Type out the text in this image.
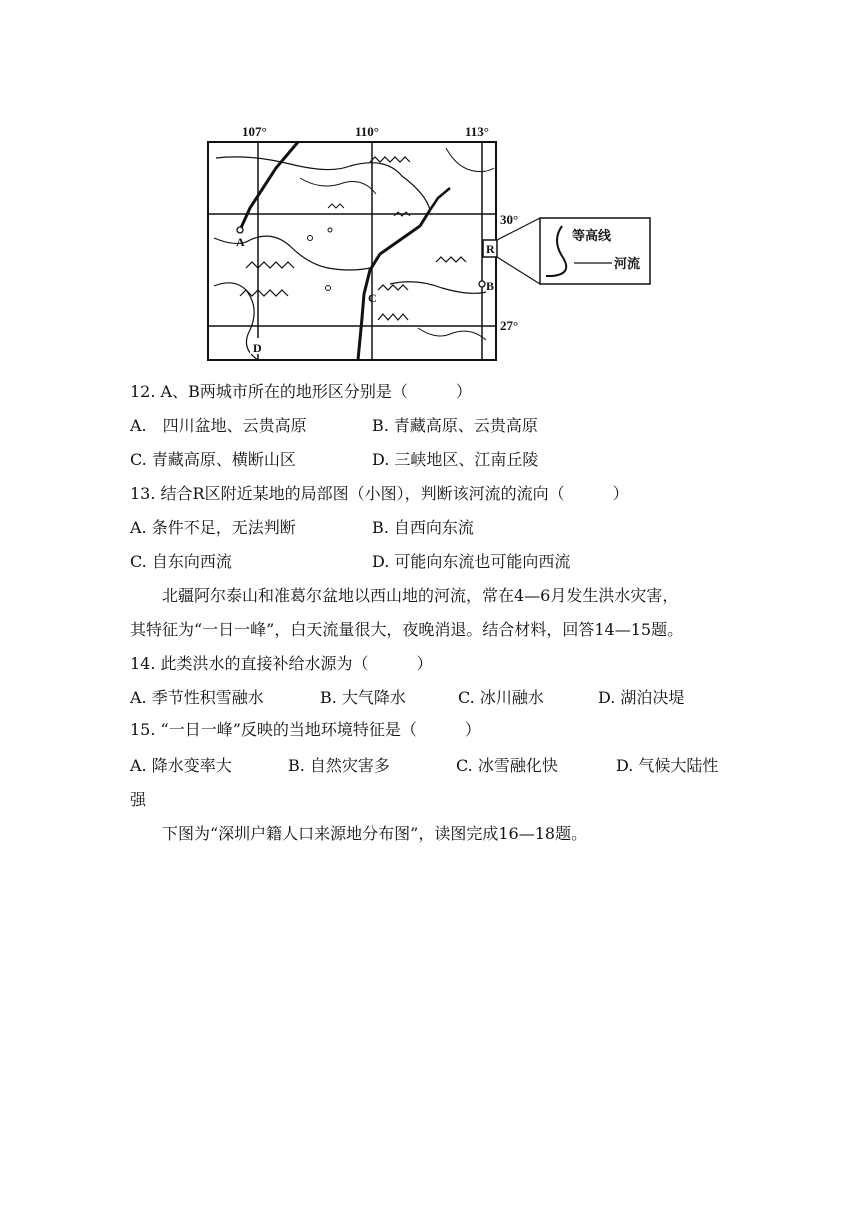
107°	110°	113°
30°
27°
A
B
C
D
R
等高线
河流
12. A、B两城市所在的地形区分别是（　　　）
A.　四川盆地、云贵高原	B. 青藏高原、云贵高原
C. 青藏高原、横断山区	D. 三峡地区、江南丘陵
13. 结合R区附近某地的局部图（小图），判断该河流的流向（　　　）
A. 条件不足，无法判断	B. 自西向东流
C. 自东向西流	D. 可能向东流也可能向西流
北疆阿尔泰山和准葛尔盆地以西山地的河流，常在4—6月发生洪水灾害，
其特征为“一日一峰”，白天流量很大，夜晚消退。结合材料，回答14—15题。
14. 此类洪水的直接补给水源为（　　　）
A. 季节性积雪融水	B. 大气降水	C. 冰川融水	D. 湖泊决堤
15. “一日一峰”反映的当地环境特征是（　　　）
A. 降水变率大	B. 自然灾害多	C. 冰雪融化快	D. 气候大陆性
强
下图为“深圳户籍人口来源地分布图”，读图完成16—18题。
